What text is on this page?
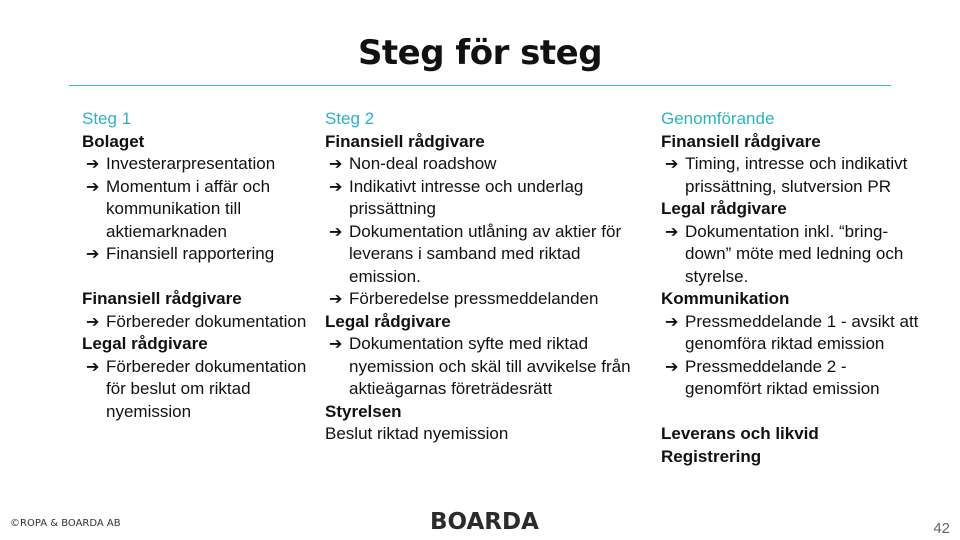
Steg för steg
Steg 1
Bolaget
➔ Investerarpresentation
➔ Momentum i affär och kommunikation till aktiemarknaden
➔ Finansiell rapportering
Finansiell rådgivare
➔ Förbereder dokumentation
Legal rådgivare
➔ Förbereder dokumentation för beslut om riktad nyemission
Steg 2
Finansiell rådgivare
➔ Non-deal roadshow
➔ Indikativt intresse och underlag prissättning
➔ Dokumentation utlåning av aktier för leverans i samband med riktad emission.
➔ Förberedelse pressmeddelanden
Legal rådgivare
➔ Dokumentation syfte med riktad nyemission och skäl till avvikelse från aktieägarnas företrädesrätt
Styrelsen
Beslut riktad nyemission
Genomförande
Finansiell rådgivare
➔ Timing, intresse och indikativt prissättning, slutversion PR
Legal rådgivare
➔ Dokumentation inkl. “bring-down” möte med ledning och styrelse.
Kommunikation
➔ Pressmeddelande 1 - avsikt att genomföra riktad emission
➔ Pressmeddelande 2 - genomfört riktad emission
Leverans och likvid
Registrering
©ROPA & BOARDA AB	BOARDA	42
